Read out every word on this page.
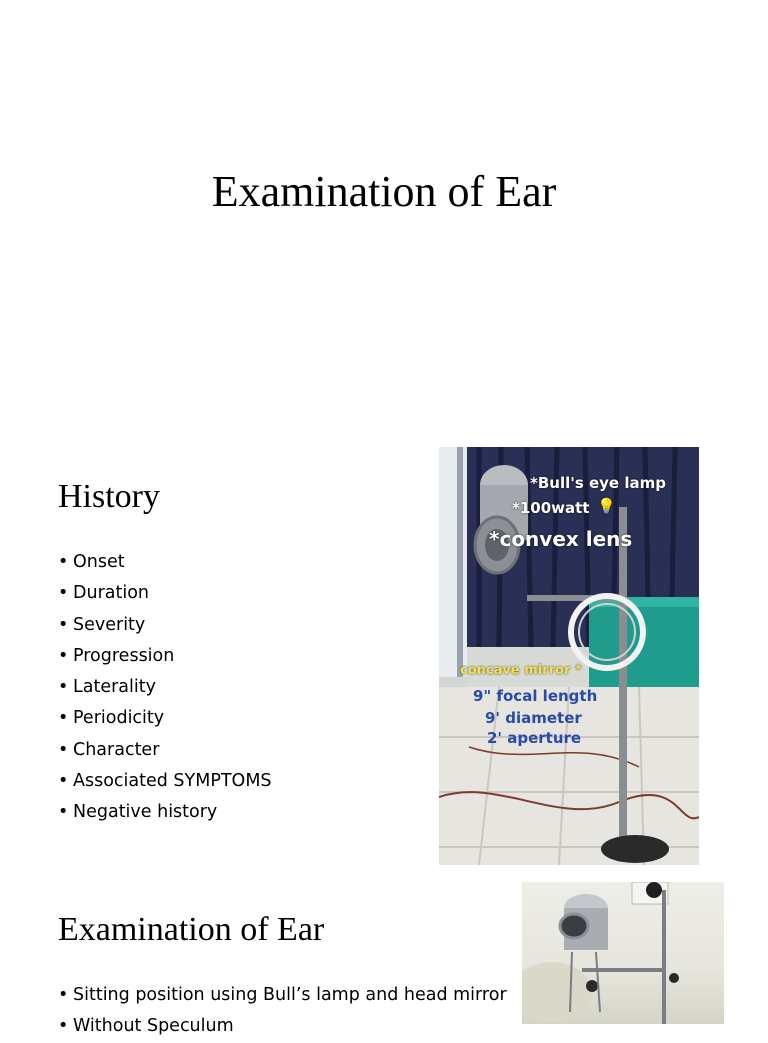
Examination of Ear
History
• Onset
• Duration
• Severity
• Progression
• Laterality
• Periodicity
• Character
• Associated SYMPTOMS
• Negative history
*Bull's eye lamp
*100watt 💡
*convex lens
concave mirror *
9" focal length
9' diameter
2' aperture
Examination of Ear
• Sitting position using Bull’s lamp and head mirror
• Without Speculum
